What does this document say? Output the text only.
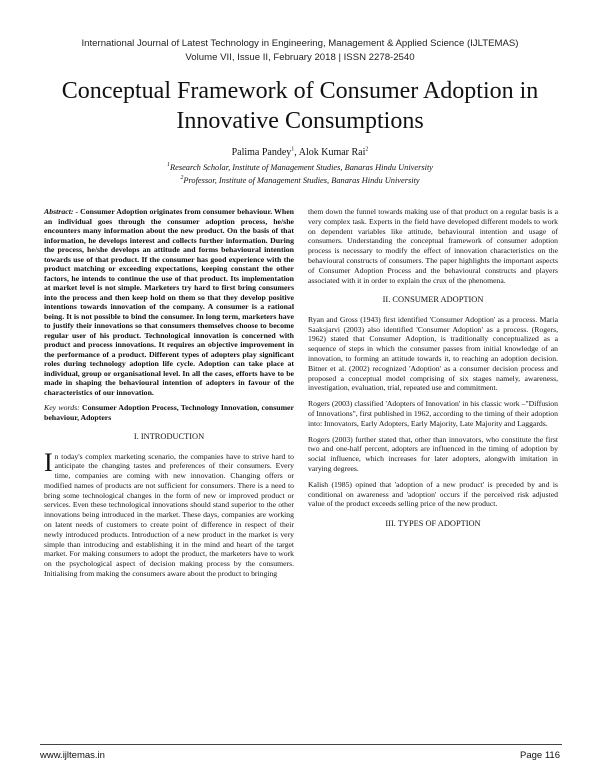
International Journal of Latest Technology in Engineering, Management & Applied Science (IJLTEMAS)
Volume VII, Issue II, February 2018 | ISSN 2278-2540
Conceptual Framework of Consumer Adoption in
Innovative Consumptions
Palima Pandey$^1$, Alok Kumar Rai$^2$
$^1$Research Scholar, Institute of Management Studies, Banaras Hindu University
$^2$Professor, Institute of Management Studies, Banaras Hindu University

Abstract: - Consumer Adoption originates from consumer behaviour. When an individual goes through the consumer adoption process, he/she encounters many information about the new product. On the basis of that information, he develops interest and collects further information. During the process, he/she develops an attitude and forms behavioural intention towards use of that product. If the consumer has good experience with the product matching or exceeding expectations, keeping constant the other factors, he intends to continue the use of that product. Its implementation at market level is not simple. Marketers try hard to first bring consumers into the process and then keep hold on them so that they develop positive intentions towards innovation of the company. A consumer is a rational being. It is not possible to bind the consumer. In long term, marketers have to justify their innovations so that consumers themselves choose to become regular user of his product. Technological innovation is concerned with product and process innovations. It requires an objective improvement in the performance of a product. Different types of adopters play significant roles during technology adoption life cycle. Adoption can take place at individual, group or organisational level. In all the cases, efforts have to be made in shaping the behavioural intention of adopters in favour of the characteristics of our innovation.

Key words: Consumer Adoption Process, Technology Innovation, consumer behaviour, Adopters

I. INTRODUCTION

In today's complex marketing scenario, the companies have to strive hard to anticipate the changing tastes and preferences of their consumers. Every time, companies are coming with new innovation. Changing offers or modified names of products are not sufficient for consumers. There is a need to bring some technological changes in the form of new or improved product or services. Even these technological innovations should stand superior to the other innovations being introduced in the market. These days, companies are working on latent needs of customers to create point of difference in respect of their newly introduced products. Introduction of a new product in the market is very simple than introducing and establishing it in the mind and heart of the target market. For making consumers to adopt the product, the marketers have to work on the psychological aspect of decision making process by the consumers. Initialising from making the consumers aware about the product to bringing

them down the funnel towards making use of that product on a regular basis is a very complex task. Experts in the field have developed different models to work on dependent variables like attitude, behavioural intention and usage of consumers. Understanding the conceptual framework of consumer adoption process is necessary to modify the effect of innovation characteristics on the behavioural constructs of consumers. The paper highlights the important aspects of Consumer Adoption Process and the behavioural constructs and players associated with it in order to explain the crux of the phenomena.

II. CONSUMER ADOPTION

Ryan and Gross (1943) first identified 'Consumer Adoption' as a process. Maria Saaksjarvi (2003) also identified 'Consumer Adoption' as a process. (Rogers, 1962) stated that Consumer Adoption, is traditionally conceptualized as a sequence of steps in which the consumer passes from initial knowledge of an innovation, to forming an attitude towards it, to reaching an adoption decision. Bitner et al. (2002) recognized 'Adoption' as a consumer decision process and proposed a conceptual model comprising of six stages namely, awareness, investigation, evaluation, trial, repeated use and commitment.

Rogers (2003) classified 'Adopters of Innovation' in his classic work –"Diffusion of Innovations", first published in 1962, according to the timing of their adoption into: Innovators, Early Adopters, Early Majority, Late Majority and Laggards.

Rogers (2003) further stated that, other than innovators, who constitute the first two and one-half percent, adopters are influenced in the timing of adoption by social influence, which increases for later adopters, alongwith imitation in varying degrees.

Kalish (1985) opined that 'adoption of a new product' is preceded by and is conditional on awareness and 'adoption' occurs if the perceived risk adjusted value of the product exceeds selling price of the new product.

III. TYPES OF ADOPTION

www.ijltemas.in	Page 116
